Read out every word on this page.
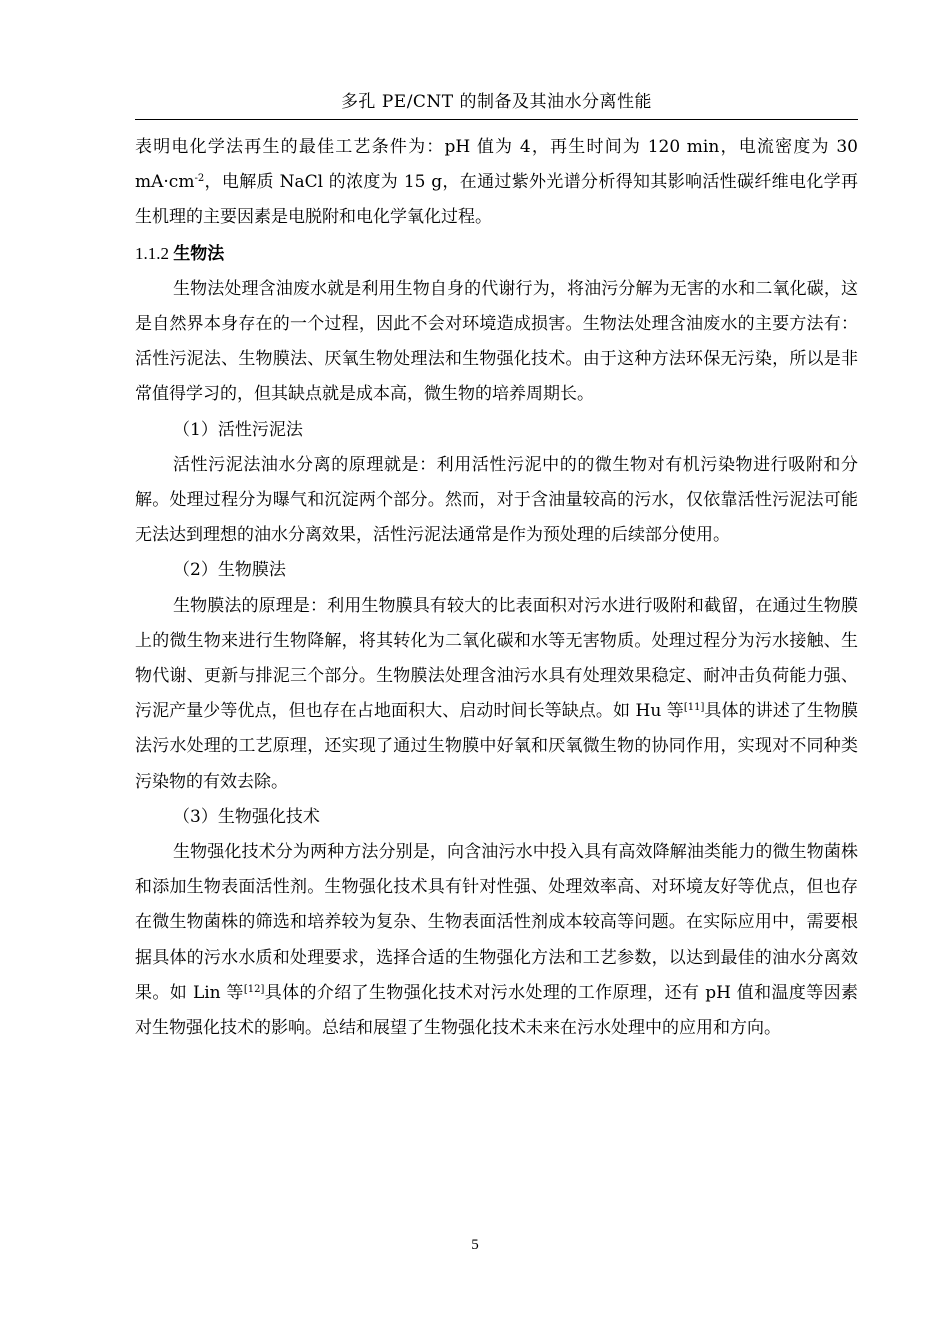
多孔 PE/CNT 的制备及其油水分离性能

表明电化学法再生的最佳工艺条件为：pH 值为 4，再生时间为 120 min，电流密度为 30 $mA\cdot cm^{-2}$，电解质 NaCl 的浓度为 15 g，在通过紫外光谱分析得知其影响活性碳纤维电化学再生机理的主要因素是电脱附和电化学氧化过程。

1.1.2 生物法

生物法处理含油废水就是利用生物自身的代谢行为，将油污分解为无害的水和二氧化碳，这是自然界本身存在的一个过程，因此不会对环境造成损害。生物法处理含油废水的主要方法有：活性污泥法、生物膜法、厌氧生物处理法和生物强化技术。由于这种方法环保无污染，所以是非常值得学习的，但其缺点就是成本高，微生物的培养周期长。

（1）活性污泥法

活性污泥法油水分离的原理就是：利用活性污泥中的的微生物对有机污染物进行吸附和分解。处理过程分为曝气和沉淀两个部分。然而，对于含油量较高的污水，仅依靠活性污泥法可能无法达到理想的油水分离效果，活性污泥法通常是作为预处理的后续部分使用。

（2）生物膜法

生物膜法的原理是：利用生物膜具有较大的比表面积对污水进行吸附和截留，在通过生物膜上的微生物来进行生物降解，将其转化为二氧化碳和水等无害物质。处理过程分为污水接触、生物代谢、更新与排泥三个部分。生物膜法处理含油污水具有处理效果稳定、耐冲击负荷能力强、污泥产量少等优点，但也存在占地面积大、启动时间长等缺点。如 Hu 等[11]具体的讲述了生物膜法污水处理的工艺原理，还实现了通过生物膜中好氧和厌氧微生物的协同作用，实现对不同种类污染物的有效去除。

（3）生物强化技术

生物强化技术分为两种方法分别是，向含油污水中投入具有高效降解油类能力的微生物菌株和添加生物表面活性剂。生物强化技术具有针对性强、处理效率高、对环境友好等优点，但也存在微生物菌株的筛选和培养较为复杂、生物表面活性剂成本较高等问题。在实际应用中，需要根据具体的污水水质和处理要求，选择合适的生物强化方法和工艺参数，以达到最佳的油水分离效果。如 Lin 等[12]具体的介绍了生物强化技术对污水处理的工作原理，还有 pH 值和温度等因素对生物强化技术的影响。总结和展望了生物强化技术未来在污水处理中的应用和方向。

5
